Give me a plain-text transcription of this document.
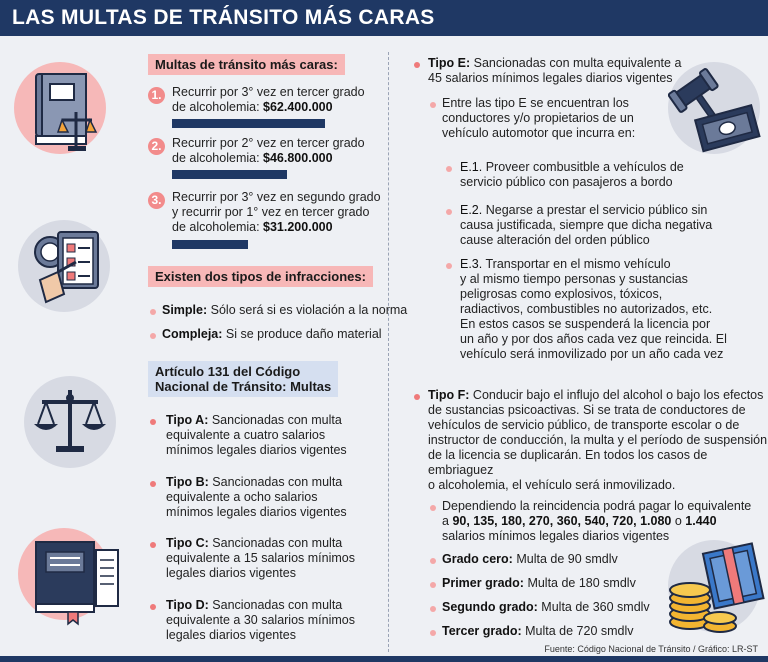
LAS MULTAS DE TRÁNSITO MÁS CARAS
Multas de tránsito más caras:
1. Recurrir por 3° vez en tercer grado
de alcoholemia: $62.400.000
2. Recurrir por 2° vez en tercer grado
de alcoholemia: $46.800.000
3. Recurrir por 3° vez en segundo grado
y recurrir por 1° vez en tercer grado
de alcoholemia: $31.200.000
Existen dos tipos de infracciones:
Simple: Sólo será si es violación a la norma
Compleja: Si se produce daño material
Artículo 131 del Código
Nacional de Tránsito: Multas
Tipo A: Sancionadas con multa
equivalente a cuatro salarios
mínimos legales diarios vigentes
Tipo B: Sancionadas con multa
equivalente a ocho salarios
mínimos legales diarios vigentes
Tipo C: Sancionadas con multa
equivalente a 15 salarios mínimos
legales diarios vigentes
Tipo D: Sancionadas con multa
equivalente a 30 salarios mínimos
legales diarios vigentes
Tipo E: Sancionadas con multa equivalente a
45 salarios mínimos legales diarios vigentes
Entre las tipo E se encuentran los
conductores y/o propietarios de un
vehículo automotor que incurra en:
E.1. Proveer combusitble a vehículos de
servicio público con pasajeros a bordo
E.2. Negarse a prestar el servicio público sin
causa justificada, siempre que dicha negativa
cause alteración del orden público
E.3. Transportar en el mismo vehículo
y al mismo tiempo personas y sustancias
peligrosas como explosivos, tóxicos,
radiactivos, combustibles no autorizados, etc.
En estos casos se suspenderá la licencia por
un año y por dos años cada vez que reincida. El
vehículo será inmovilizado por un año cada vez
Tipo F: Conducir bajo el influjo del alcohol o bajo los efectos
de sustancias psicoactivas. Si se trata de conductores de
vehículos de servicio público, de transporte escolar o de
instructor de conducción, la multa y el período de suspensión
de la licencia se duplicarán. En todos los casos de embriaguez
o alcoholemia, el vehículo será inmovilizado.
Dependiendo la reincidencia podrá pagar lo equivalente
a 90, 135, 180, 270, 360, 540, 720, 1.080 o 1.440
salarios mínimos legales diarios vigentes
Grado cero: Multa de 90 smdlv
Primer grado: Multa de 180 smdlv
Segundo grado: Multa de 360 smdlv
Tercer grado: Multa de 720 smdlv
Fuente: Código Nacional de Tránsito / Gráfico: LR-ST
